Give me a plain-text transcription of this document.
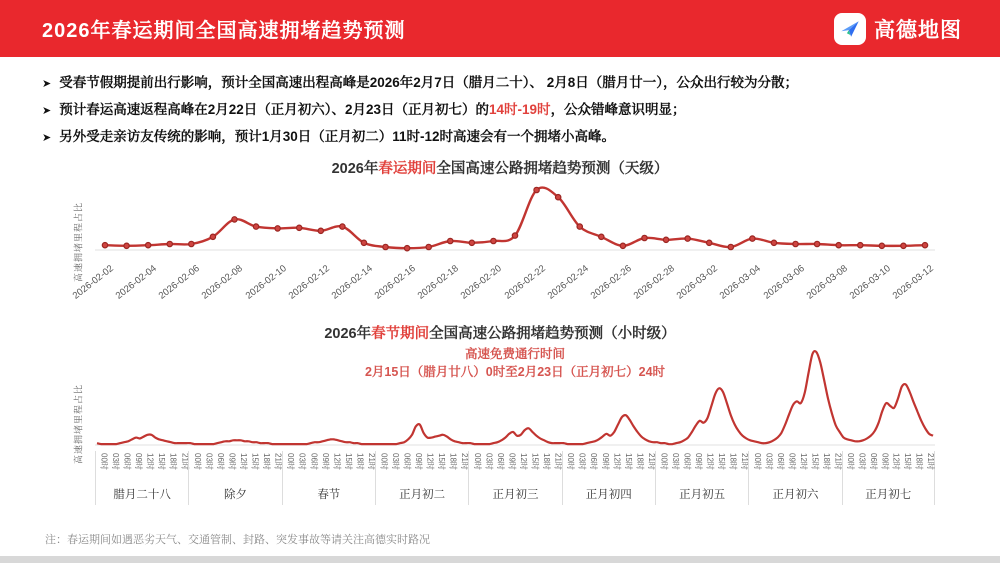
2026年春运期间全国高速拥堵趋势预测	高德地图
➤ 受春节假期提前出行影响，预计全国高速出程高峰是2026年2月7日（腊月二十）、 2月8日（腊月廿一），公众出行较为分散；
➤ 预计春运高速返程高峰在2月22日（正月初六）、2月23日（正月初七）的14时-19时，公众错峰意识明显；
➤ 另外受走亲访友传统的影响，预计1月30日（正月初二）11时-12时高速会有一个拥堵小高峰。
2026年春运期间全国高速公路拥堵趋势预测（天级）
高速拥堵里程占比
2026-02-02
2026-02-04
2026-02-06
2026-02-08
2026-02-10
2026-02-12
2026-02-14
2026-02-16
2026-02-18
2026-02-20
2026-02-22
2026-02-24
2026-02-26
2026-02-28
2026-03-02
2026-03-04
2026-03-06
2026-03-08
2026-03-10
2026-03-12
2026年春节期间全国高速公路拥堵趋势预测（小时级）
高速拥堵里程占比
高速免费通行时间
2月15日（腊月廿八）0时至2月23日（正月初七）24时
00时 03时 06时 09时 12时 15时 18时 21时 00时 03时 06时 09时 12时 15时 18时 21时 00时 03时 06时 09时 12时 15时 18时 21时 00时 03时 06时 09时 12时 15时 18时 21时 00时 03时 06时 09时 12时 15时 18时 21时 00时 03时 06时 09时 12时 15时 18时 21时 00时 03时 06时 09时 12时 15时 18时 21时 00时 03时 06时 09时 12时 15时 18时 21时 00时 03时 06时 09时 12时 15时 18时 21时
腊月二十八	除夕	春节	正月初二	正月初三	正月初四	正月初五	正月初六	正月初七
注：春运期间如遇恶劣天气、交通管制、封路、突发事故等请关注高德实时路况
